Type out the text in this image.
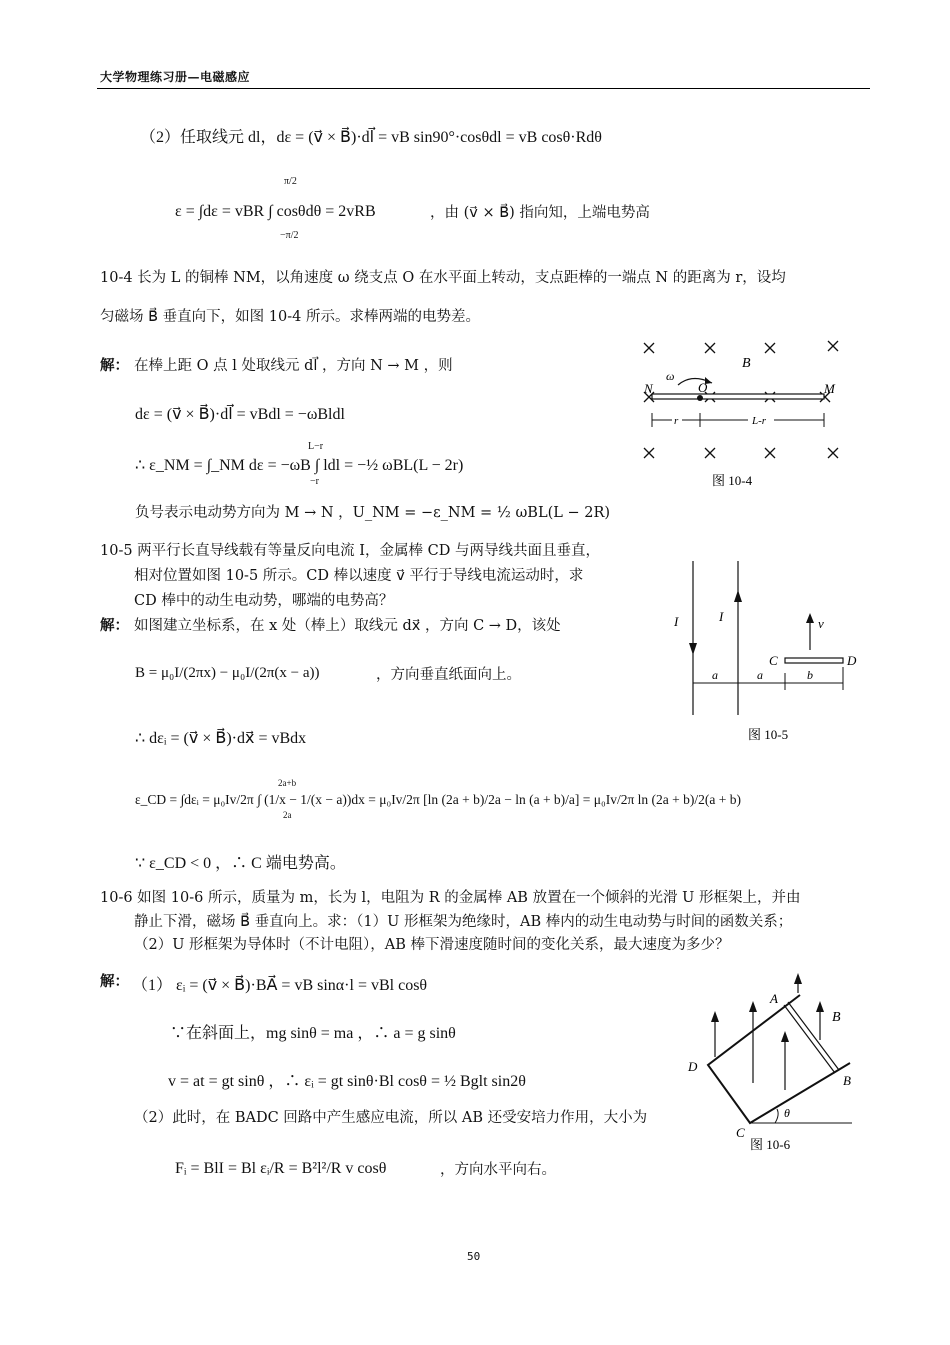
大学物理练习册—电磁感应
（2）任取线元 dl，dε = (v⃗ × B⃗)·dl⃗ = vB sin90°·cosθdl = vB cosθ·Rdθ
ε = ∫dε = vBR ∫ cosθdθ = 2vRB
π/2
−π/2
，由 (v⃗ × B⃗) 指向知，上端电势高
10-4 长为 L 的铜棒 NM，以角速度 ω 绕支点 O 在水平面上转动，支点距棒的一端点 N 的距离为 r，设均
匀磁场 B⃗ 垂直向下，如图 10-4 所示。求棒两端的电势差。
解： 在棒上距 O 点 l 处取线元 dl⃗ ，方向 N → M ，则
dε = (v⃗ × B⃗)·dl⃗ = vBdl = −ωBldl
∴ ε_NM = ∫_NM dε = −ωB ∫ ldl = −½ ωBL(L − 2r)
L−r
−r
负号表示电动势方向为 M → N ，U_NM = −ε_NM = ½ ωBL(L − 2R)
B⃗
N	M
O
ω
r	L-r
图 10-4
10-5 两平行长直导线载有等量反向电流 I，金属棒 CD 与两导线共面且垂直，
相对位置如图 10-5 所示。CD 棒以速度 v⃗ 平行于导线电流运动时，求
CD 棒中的动生电动势，哪端的电势高？
解： 如图建立坐标系，在 x 处（棒上）取线元 dx⃗ ，方向 C → D，该处
B = μ₀I/(2πx) − μ₀I/(2π(x − a))	，方向垂直纸面向上。
∴ dεᵢ = (v⃗ × B⃗)·dx⃗ = vBdx
ε_CD = ∫dεᵢ = μ₀Iv/2π ∫ (1/x − 1/(x − a))dx = μ₀Iv/2π [ln (2a + b)/2a − ln (a + b)/a] = μ₀Iv/2π ln (2a + b)/2(a + b)
2a+b
2a
∵ ε_CD < 0 ，∴ C 端电势高。
I	I	v⃗
C	D
a	a	b
图 10-5
10-6 如图 10-6 所示，质量为 m，长为 l，电阻为 R 的金属棒 AB 放置在一个倾斜的光滑 U 形框架上，并由
静止下滑，磁场 B⃗ 垂直向上。求：（1）U 形框架为绝缘时，AB 棒内的动生电动势与时间的函数关系；
（2）U 形框架为导体时（不计电阻），AB 棒下滑速度随时间的变化关系，最大速度为多少？
解： （1） εᵢ = (v⃗ × B⃗)·BA⃗ = vB sinα·l = vBl cosθ
∵在斜面上，mg sinθ = ma ，∴ a = g sinθ
v = at = gt sinθ ，∴ εᵢ = gt sinθ·Bl cosθ = ½ Bglt sin2θ
（2）此时，在 BADC 回路中产生感应电流，所以 AB 还受安培力作用，大小为
Fᵢ = BlI = Bl εᵢ/R = B²l²/R v cosθ	，方向水平向右。
A
B
C
D
B⃗
θ
图 10-6
50
